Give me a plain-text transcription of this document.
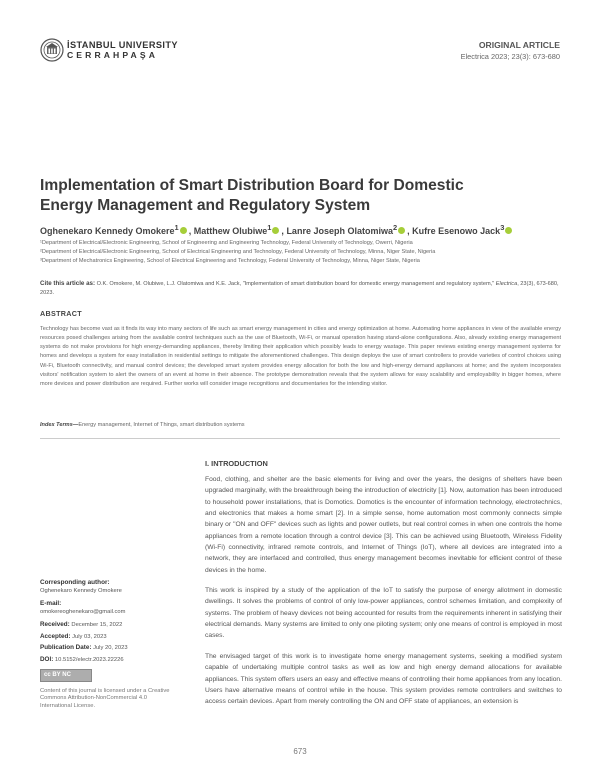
İSTANBUL UNIVERSITY
CERRAHPAŞA
ORIGINAL ARTICLE
Electrica 2023; 23(3): 673-680
Implementation of Smart Distribution Board for Domestic Energy Management and Regulatory System
Oghenekaro Kennedy Omokere$^1$ , Matthew Olubiwe$^1$ , Lanre Joseph Olatomiwa$^2$ , Kufre Esenowo Jack$^3$
¹Department of Electrical/Electronic Engineering, School of Engineering and Engineering Technology, Federal University of Technology, Owerri, Nigeria
²Department of Electrical/Electronic Engineering, School of Electrical Engineering and Technology, Federal University of Technology, Minna, Niger State, Nigeria
³Department of Mechatronics Engineering, School of Electrical Engineering and Technology, Federal University of Technology, Minna, Niger State, Nigeria
Cite this article as: O.K. Omokere, M. Olubiwe, L.J. Olatomiwa and K.E. Jack, "Implementation of smart distribution board for domestic energy management and regulatory system," Electrica, 23(3), 673-680, 2023.
ABSTRACT
Technology has become vast as it finds its way into many sectors of life such as smart energy management in cities and energy optimization at home. Automating home appliances in view of the available energy resources posed challenges arising from the available control techniques such as the use of Bluetooth, Wi-Fi, or manual operation having stand-alone configurations. Also, already existing energy management systems do not make provisions for high energy-demanding appliances, thereby limiting their application which possibly leads to energy wastage. This paper reviews existing energy management systems for homes and develops a system for easy installation in residential settings to mitigate the aforementioned challenges. This design deploys the use of smart controllers to provide varieties of control choices using Wi-Fi, Bluetooth connectivity, and manual control devices; the developed smart system provides energy allocation for both the low and high-energy demand appliances at home; and the system incorporates visitors' notification system to alert the owners of an event at home in their absence. The prototype demonstration reveals that the system allows for easy scalability and employability in bigger homes, where more devices and power distribution are required. Further works will consider image recognitions and documentaries for the intending visitor.
Index Terms—Energy management, Internet of Things, smart distribution systems
Corresponding author:
Oghenekaro Kennedy Omokere
E-mail:
omokereoghenekaro@gmail.com
Received: December 15, 2022
Accepted: July 03, 2023
Publication Date: July 20, 2023
DOI: 10.5152/electr.2023.22226
cc BY NC
Content of this journal is licensed under a Creative Commons Attribution-NonCommercial 4.0 International License.
I. INTRODUCTION

Food, clothing, and shelter are the basic elements for living and over the years, the designs of shelters have been upgraded marginally, with the breakthrough being the introduction of electricity [1]. Now, automation has been introduced to household power installations, that is Domotics. Domotics is the encounter of information technology, electrotechnics, and electronics that makes a home smart [2]. In a simple sense, home automation most commonly connects simple binary or "ON and OFF" devices such as lights and power outlets, but real control comes in when one controls the home appliances from a remote location through a control device [3]. This can be achieved using Bluetooth, Wireless Fidelity (Wi-Fi) connectivity, infrared remote controls, and Internet of Things (IoT), where all devices are integrated into a network, they are interfaced and controlled, thus energy management becomes inevitable for efficient control of these devices in the home.

This work is inspired by a study of the application of the IoT to satisfy the purpose of energy allotment in domestic dwellings. It solves the problems of control of only low-power appliances, control schemes limitation, and complexity of systems. The problem of heavy devices not being accounted for results from the requirements inherent in satisfying their electrical demands. Many systems are limited to only one piloting system; only one means of control is employed in most cases.

The envisaged target of this work is to investigate home energy management systems, seeking a modified system capable of undertaking multiple control tasks as well as low and high energy demand allocations for available appliances. This system offers users an easy and effective means of controlling their home appliances from any location. Users have alternative means of control while in the house. This system provides remote controllers and switches to access certain devices. Apart from merely controlling the ON and OFF state of appliances, an extension is

673
